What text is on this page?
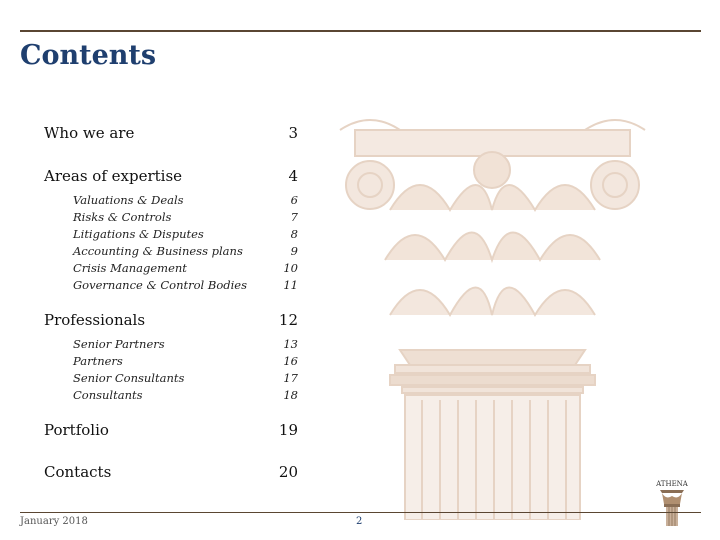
Contents
Who we are	3
Areas of expertise	4
Valuations & Deals	6
Risks & Controls	7
Litigations & Disputes	8
Accounting & Business plans	9
Crisis Management	10
Governance & Control Bodies	11
Professionals	12
Senior Partners	13
Partners	16
Senior Consultants	17
Consultants	18
Portfolio	19
Contacts	20
ATHENA
January 2018	2
